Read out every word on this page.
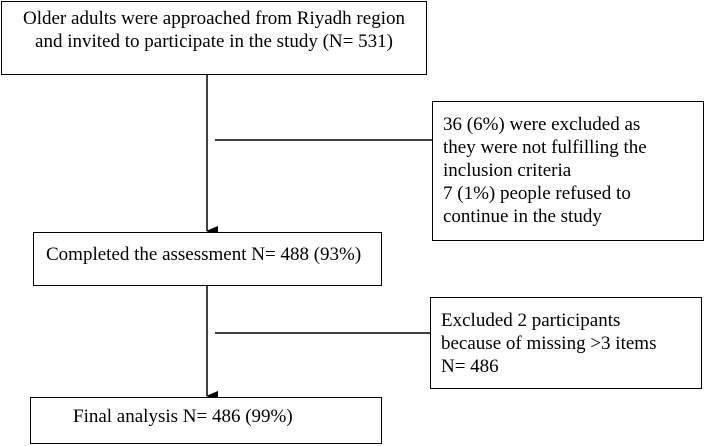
Older adults were approached from Riyadh region
and invited to participate in the study (N= 531)
36 (6%) were excluded as
they were not fulfilling the
inclusion criteria
7 (1%) people refused to
continue in the study
Completed the assessment N= 488 (93%)
Excluded 2 participants
because of missing >3 items
N= 486
Final analysis N= 486 (99%)
